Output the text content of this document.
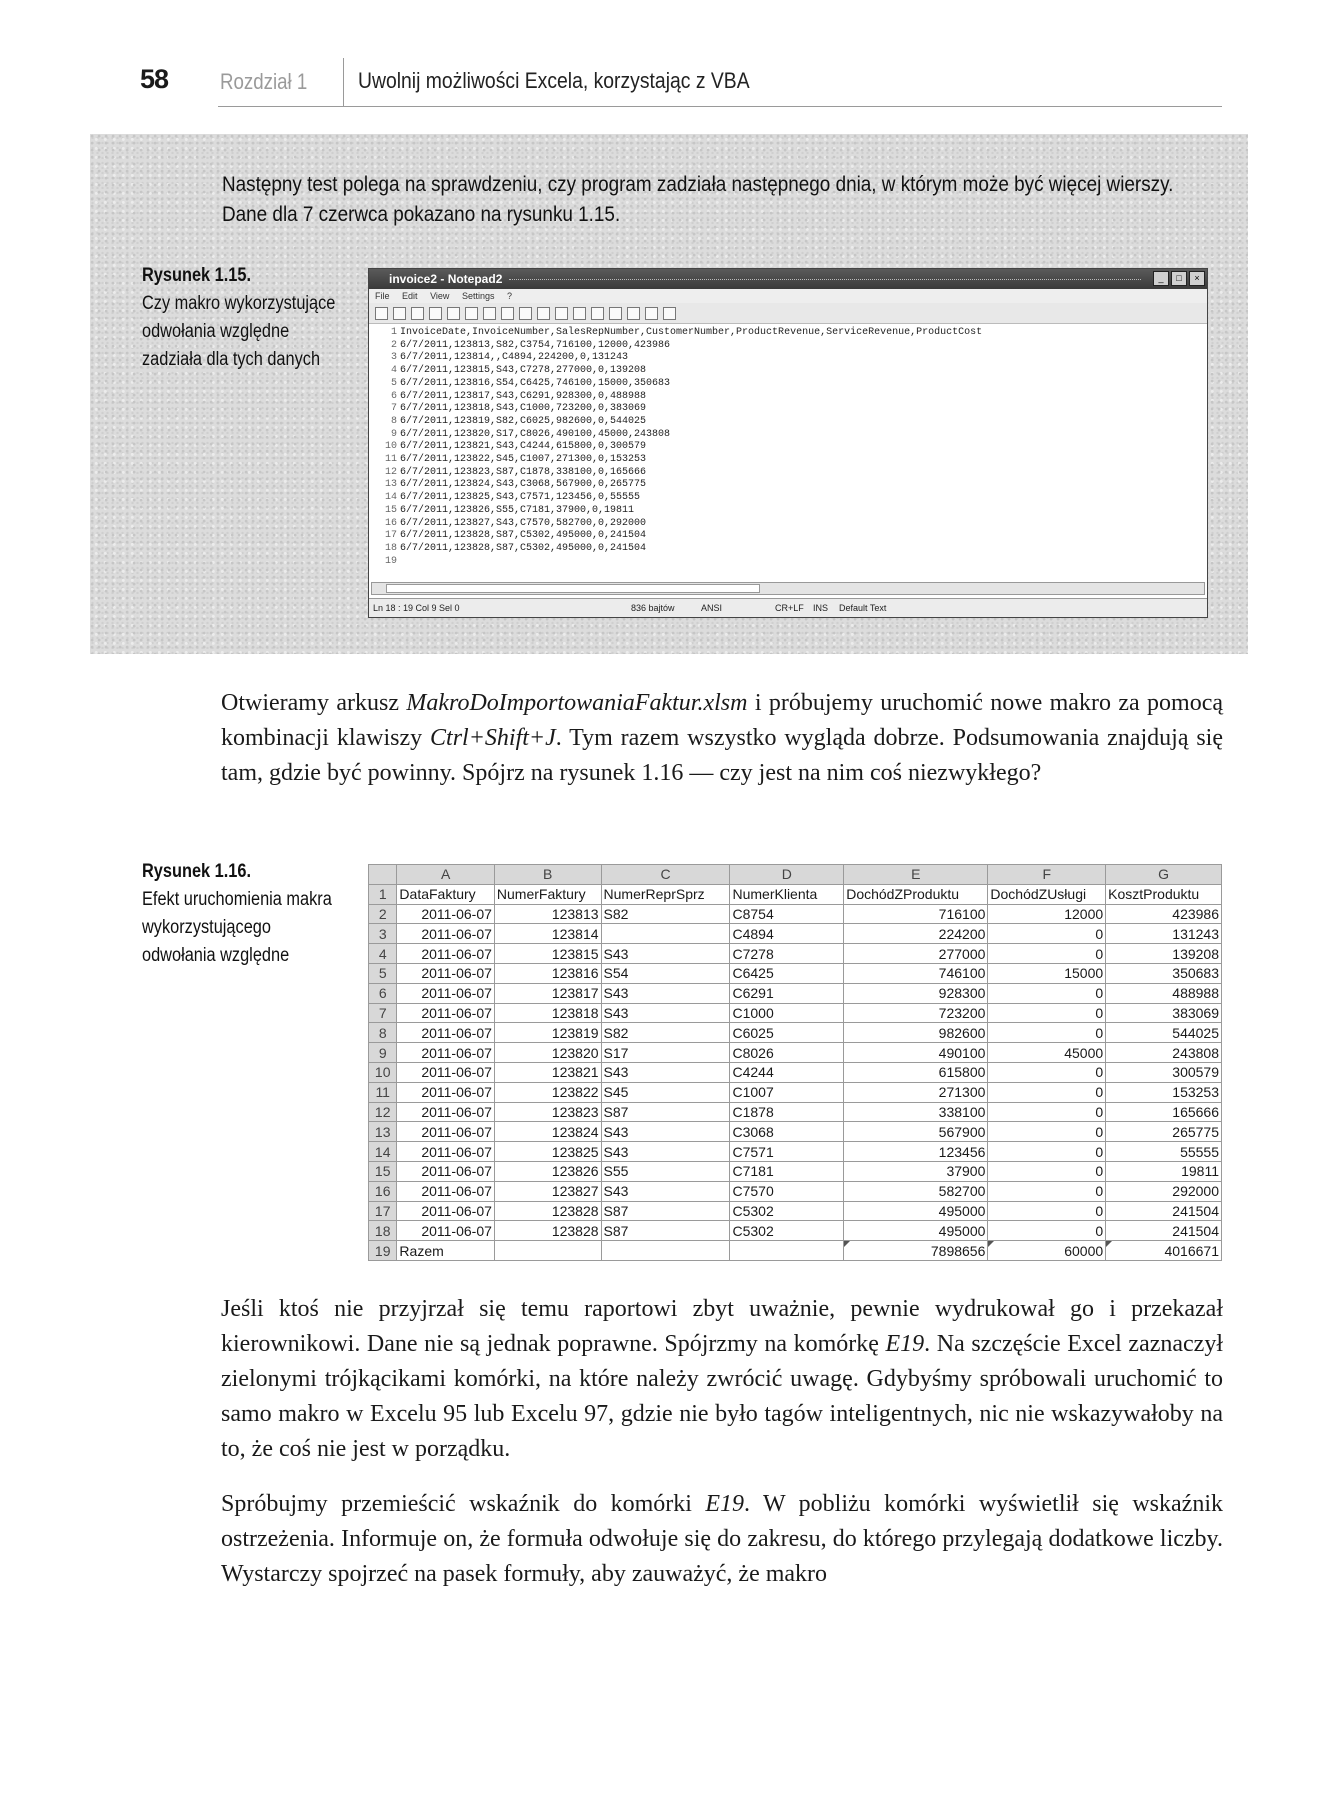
58 Rozdział 1 Uwolnij możliwości Excela, korzystając z VBA
Następny test polega na sprawdzeniu, czy program zadziała następnego dnia, w którym może być więcej wierszy.
Dane dla 7 czerwca pokazano na rysunku 1.15.
Rysunek 1.15.
Czy makro wykorzystujące
odwołania względne
zadziała dla tych danych
invoice2 - Notepad2	_	□	×
File Edit View Settings ?
1 InvoiceDate,InvoiceNumber,SalesRepNumber,CustomerNumber,ProductRevenue,ServiceRevenue,ProductCost
2 6/7/2011,123813,S82,C3754,716100,12000,423986
3 6/7/2011,123814,,C4894,224200,0,131243
4 6/7/2011,123815,S43,C7278,277000,0,139208
5 6/7/2011,123816,S54,C6425,746100,15000,350683
6 6/7/2011,123817,S43,C6291,928300,0,488988
7 6/7/2011,123818,S43,C1000,723200,0,383069
8 6/7/2011,123819,S82,C6025,982600,0,544025
9 6/7/2011,123820,S17,C8026,490100,45000,243808
10 6/7/2011,123821,S43,C4244,615800,0,300579
11 6/7/2011,123822,S45,C1007,271300,0,153253
12 6/7/2011,123823,S87,C1878,338100,0,165666
13 6/7/2011,123824,S43,C3068,567900,0,265775
14 6/7/2011,123825,S43,C7571,123456,0,55555
15 6/7/2011,123826,S55,C7181,37900,0,19811
16 6/7/2011,123827,S43,C7570,582700,0,292000
17 6/7/2011,123828,S87,C5302,495000,0,241504
18 6/7/2011,123828,S87,C5302,495000,0,241504
19
Ln 18 : 19 Col 9 Sel 0	836 bajtów	ANSI	CR+LF INS Default Text
Otwieramy arkusz MakroDoImportowaniaFaktur.xlsm i próbujemy uruchomić nowe makro za pomocą kombinacji klawiszy Ctrl+Shift+J. Tym razem wszystko wygląda dobrze. Podsumowania znajdują się tam, gdzie być powinny. Spójrz na rysunek 1.16 — czy jest na nim coś niezwykłego?
Rysunek 1.16.
Efekt uruchomienia makra
wykorzystującego
odwołania względne
	A	B	C	D	E	F	G
1	DataFaktury	NumerFaktury	NumerReprSprz	NumerKlienta	DochódZProduktu	DochódZUsługi	KosztProduktu
2	2011-06-07	123813	S82	C8754	716100	12000	423986
3	2011-06-07	123814		C4894	224200	0	131243
4	2011-06-07	123815	S43	C7278	277000	0	139208
5	2011-06-07	123816	S54	C6425	746100	15000	350683
6	2011-06-07	123817	S43	C6291	928300	0	488988
7	2011-06-07	123818	S43	C1000	723200	0	383069
8	2011-06-07	123819	S82	C6025	982600	0	544025
9	2011-06-07	123820	S17	C8026	490100	45000	243808
10	2011-06-07	123821	S43	C4244	615800	0	300579
11	2011-06-07	123822	S45	C1007	271300	0	153253
12	2011-06-07	123823	S87	C1878	338100	0	165666
13	2011-06-07	123824	S43	C3068	567900	0	265775
14	2011-06-07	123825	S43	C7571	123456	0	55555
15	2011-06-07	123826	S55	C7181	37900	0	19811
16	2011-06-07	123827	S43	C7570	582700	0	292000
17	2011-06-07	123828	S87	C5302	495000	0	241504
18	2011-06-07	123828	S87	C5302	495000	0	241504
19	Razem				7898656	60000	4016671
Jeśli ktoś nie przyjrzał się temu raportowi zbyt uważnie, pewnie wydrukował go i przekazał kierownikowi. Dane nie są jednak poprawne. Spójrzmy na komórkę E19. Na szczęście Excel zaznaczył zielonymi trójkącikami komórki, na które należy zwrócić uwagę. Gdybyśmy spróbowali uruchomić to samo makro w Excelu 95 lub Excelu 97, gdzie nie było tagów inteligentnych, nic nie wskazywałoby na to, że coś nie jest w porządku.
Spróbujmy przemieścić wskaźnik do komórki E19. W pobliżu komórki wyświetlił się wskaźnik ostrzeżenia. Informuje on, że formuła odwołuje się do zakresu, do którego przylegają dodatkowe liczby. Wystarczy spojrzeć na pasek formuły, aby zauważyć, że makro
